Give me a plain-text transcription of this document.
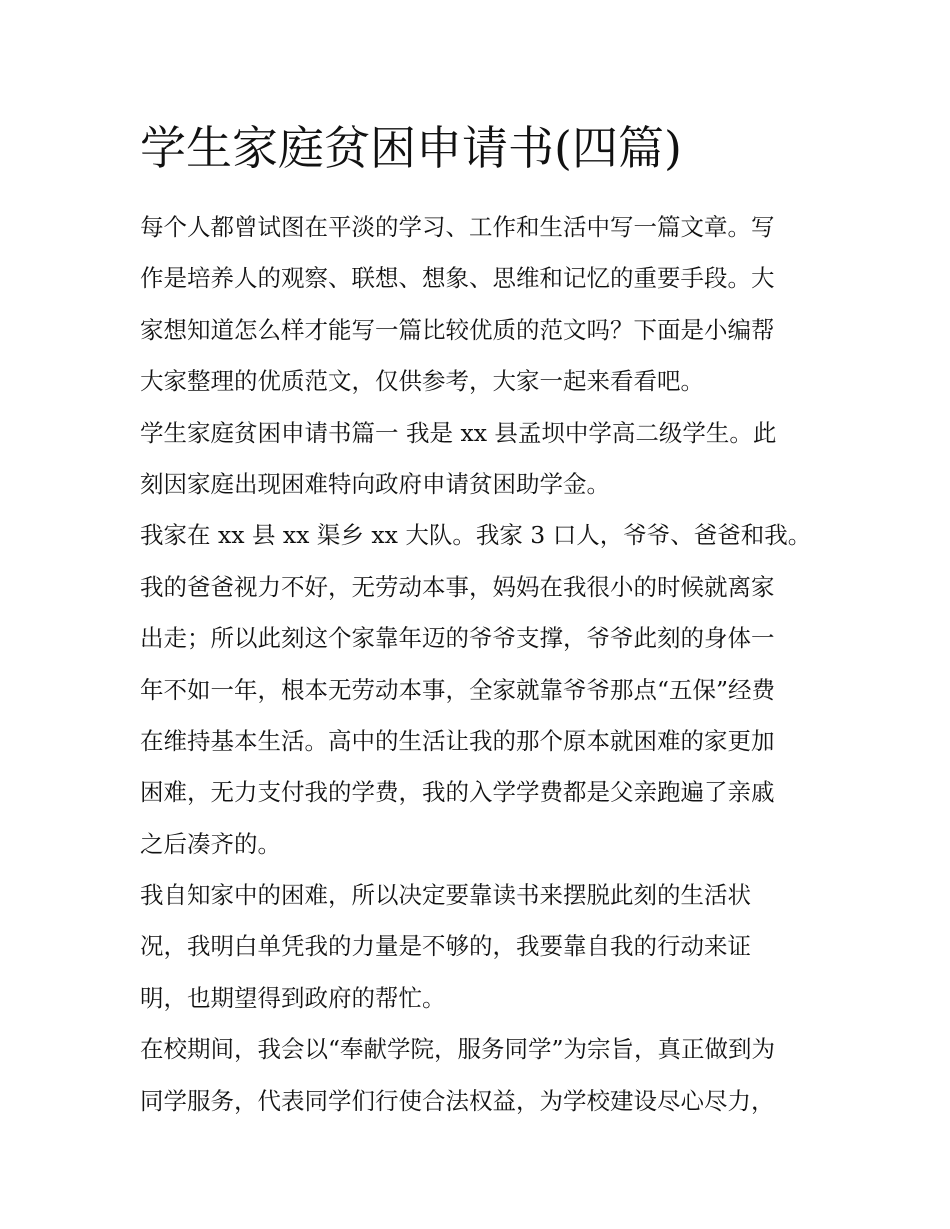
学生家庭贫困申请书(四篇)
每个人都曾试图在平淡的学习、工作和生活中写一篇文章。写
作是培养人的观察、联想、想象、思维和记忆的重要手段。大
家想知道怎么样才能写一篇比较优质的范文吗？下面是小编帮
大家整理的优质范文，仅供参考，大家一起来看看吧。
学生家庭贫困申请书篇一 我是 xx 县孟坝中学高二级学生。此
刻因家庭出现困难特向政府申请贫困助学金。
我家在 xx 县 xx 渠乡 xx 大队。我家 3 口人，爷爷、爸爸和我。
我的爸爸视力不好，无劳动本事，妈妈在我很小的时候就离家
出走；所以此刻这个家靠年迈的爷爷支撑，爷爷此刻的身体一
年不如一年，根本无劳动本事，全家就靠爷爷那点“五保”经费
在维持基本生活。高中的生活让我的那个原本就困难的家更加
困难，无力支付我的学费，我的入学学费都是父亲跑遍了亲戚
之后凑齐的。
我自知家中的困难，所以决定要靠读书来摆脱此刻的生活状
况，我明白单凭我的力量是不够的，我要靠自我的行动来证
明，也期望得到政府的帮忙。
在校期间，我会以“奉献学院，服务同学”为宗旨，真正做到为
同学服务，代表同学们行使合法权益，为学校建设尽心尽力，
